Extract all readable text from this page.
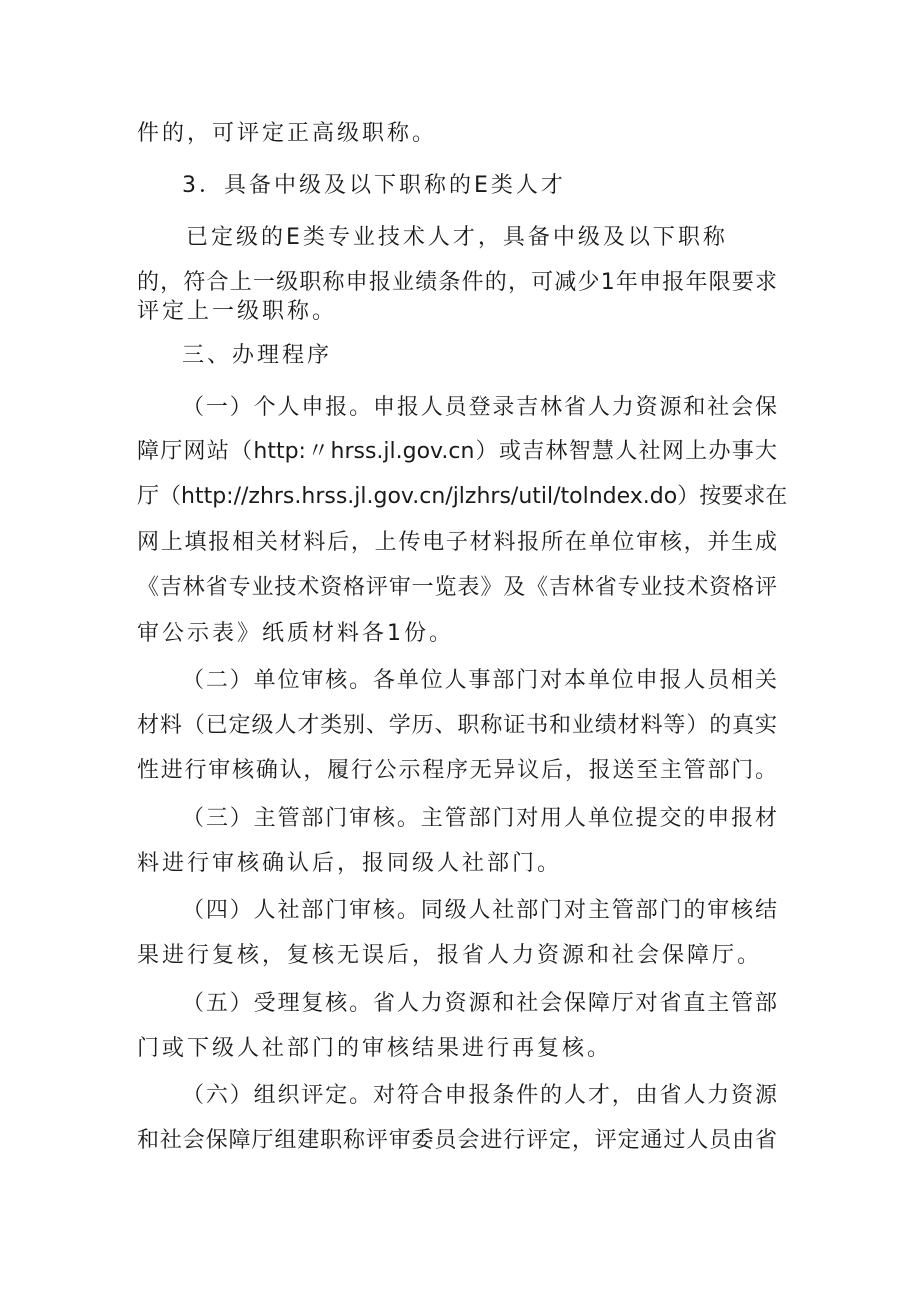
件的，可评定正高级职称。
3．具备中级及以下职称的E类人才
已定级的E类专业技术人才，具备中级及以下职称
的，符合上一级职称申报业绩条件的，可减少1年申报年限要求
评定上一级职称。
三、办理程序
（一）个人申报。申报人员登录吉林省人力资源和社会保
障厅网站（http:〃hrss.jl.gov.cn）或吉林智慧人社网上办事大
厅（http://zhrs.hrss.jl.gov.cn/jlzhrs/util/tolndex.do）按要求在
网上填报相关材料后，上传电子材料报所在单位审核，并生成
《吉林省专业技术资格评审一览表》及《吉林省专业技术资格评
审公示表》纸质材料各1份。
（二）单位审核。各单位人事部门对本单位申报人员相关
材料（已定级人才类别、学历、职称证书和业绩材料等）的真实
性进行审核确认，履行公示程序无异议后，报送至主管部门。
（三）主管部门审核。主管部门对用人单位提交的申报材
料进行审核确认后，报同级人社部门。
（四）人社部门审核。同级人社部门对主管部门的审核结
果进行复核，复核无误后，报省人力资源和社会保障厅。
（五）受理复核。省人力资源和社会保障厅对省直主管部
门或下级人社部门的审核结果进行再复核。
（六）组织评定。对符合申报条件的人才，由省人力资源
和社会保障厅组建职称评审委员会进行评定，评定通过人员由省
